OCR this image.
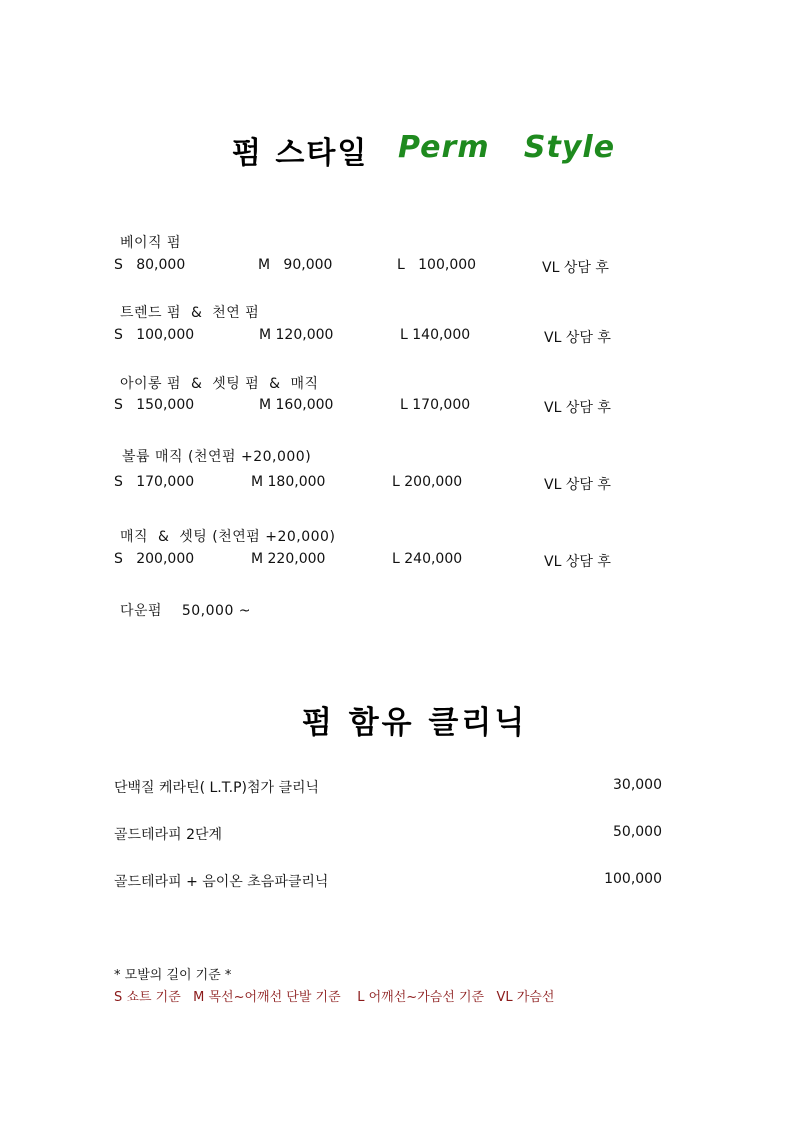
펌 스타일 Perm   Style
베이직 펌
S   80,000	M   90,000	L   100,000	VL 상담 후
트렌드 펌  &  천연 펌
S   100,000	M 120,000	L 140,000	VL 상담 후
아이롱 펌  &  셋팅 펌  &  매직
S   150,000	M 160,000	L 170,000	VL 상담 후
볼륨 매직 (천연펌 +20,000)
S   170,000	M 180,000	L 200,000	VL 상담 후
매직  &  셋팅 (천연펌 +20,000)
S   200,000	M 220,000	L 240,000	VL 상담 후
다운펌    50,000 ~
펌 함유 클리닉
단백질 케라틴( L.T.P)첨가 클리닉	30,000
골드테라피 2단계	50,000
골드테라피 + 음이온 초음파클리닉	100,000
* 모발의 길이 기준 *
S 쇼트 기준   M 목선~어깨선 단발 기준    L 어깨선~가슴선 기준   VL 가슴선
